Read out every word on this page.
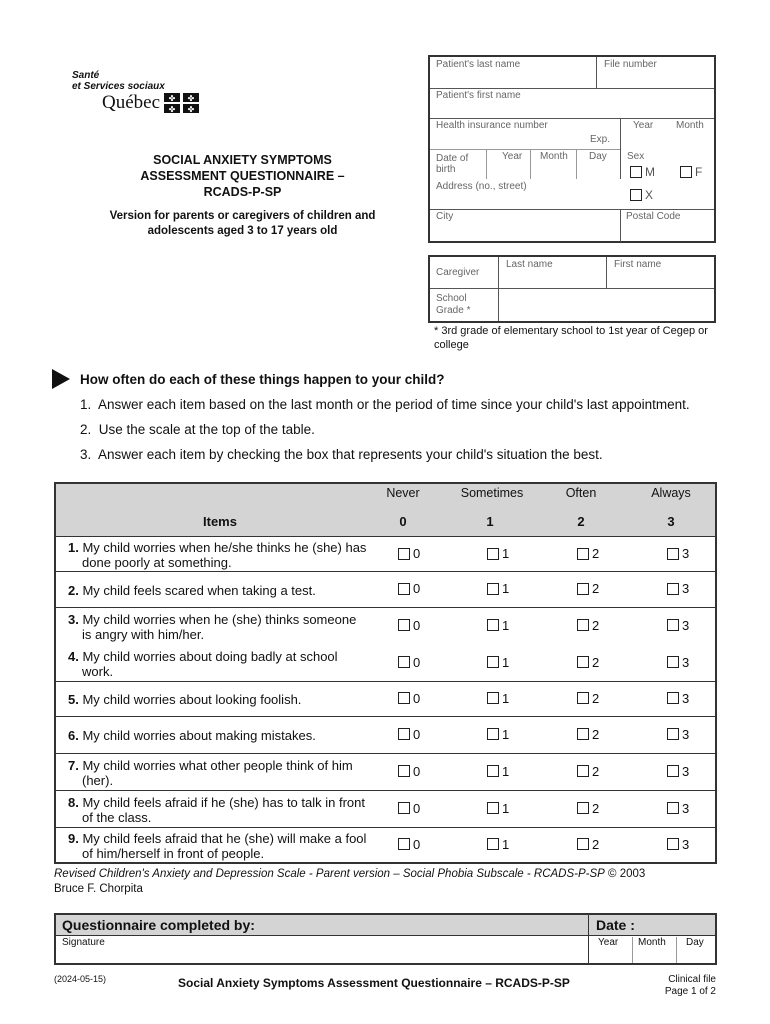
Santé
et Services sociaux
Québec ✤ ✤
✤ ✤
SOCIAL ANXIETY SYMPTOMS
ASSESSMENT QUESTIONNAIRE –
RCADS-P-SP
Version for parents or caregivers of children and
adolescents aged 3 to 17 years old
Patient's last name	File number
Patient's first name
Health insurance number
Exp.
Year Month
Date of birth
Year Month Day Sex
M	F
X
Address (no., street)
City	Postal Code
Caregiver
Last name	First name
School Grade *
* 3rd grade of elementary school to 1st year of Cegep or college
How often do each of these things happen to your child?
1.  Answer each item based on the last month or the period of time since your child's last appointment.
2.  Use the scale at the top of the table.
3.  Answer each item by checking the box that represents your child's situation the best.
Never	Sometimes	Often	Always
Items	0	1	2	3
1. My child worries when he/she thinks he (she) has done poorly at something.
0	1	2	3
2. My child feels scared when taking a test.	0	1	2	3
3. My child worries when he (she) thinks someone is angry with him/her.
0	1	2	3
4. My child worries about doing badly at school work.
0	1	2	3
5. My child worries about looking foolish.	0	1	2	3
6. My child worries about making mistakes.	0	1	2	3
7. My child worries what other people think of him (her).
0	1	2	3
8. My child feels afraid if he (she) has to talk in front of the class.
0	1	2	3
9. My child feels afraid that he (she) will make a fool of him/herself in front of people.
0	1	2	3
Revised Children's Anxiety and Depression Scale - Parent version – Social Phobia Subscale - RCADS-P-SP © 2003
Bruce F. Chorpita
Questionnaire completed by:	Date :
Signature	Year Month Day
(2024-05-15)	Social Anxiety Symptoms Assessment Questionnaire – RCADS-P-SP	Clinical file
Page 1 of 2
